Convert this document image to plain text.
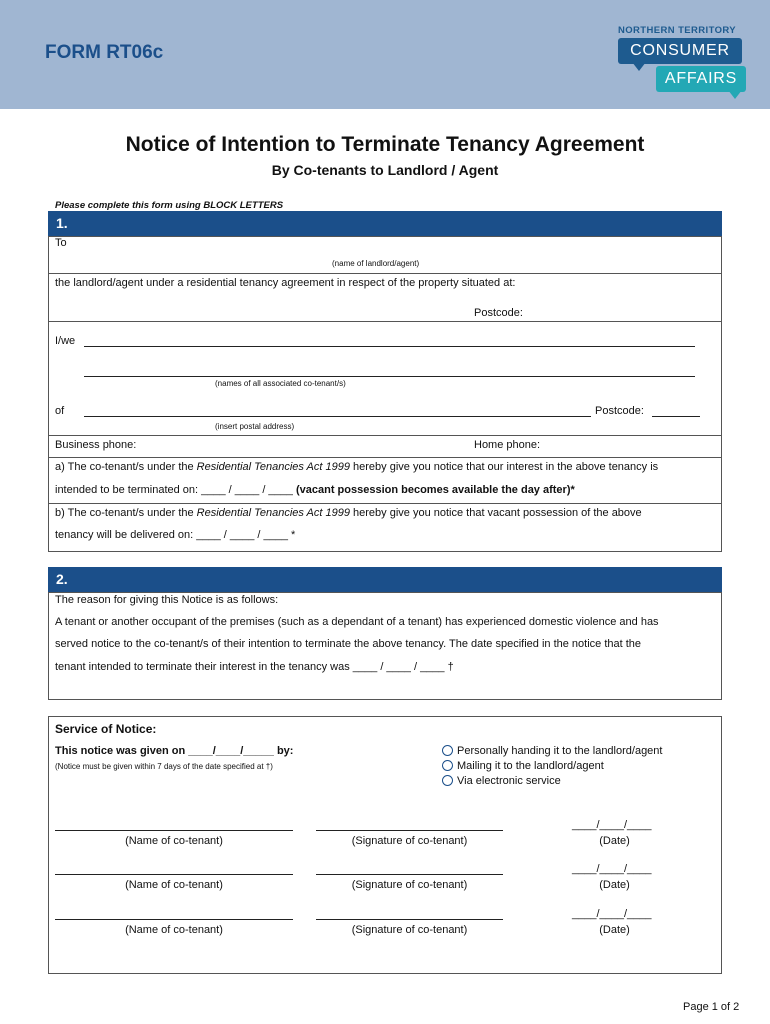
FORM RT06c
NORTHERN TERRITORY
CONSUMER
AFFAIRS
Notice of Intention to Terminate Tenancy Agreement
By Co-tenants to Landlord / Agent
Please complete this form using BLOCK LETTERS
1.
To
(name of landlord/agent)
the landlord/agent under a residential tenancy agreement in respect of the property situated at:
Postcode:
I/we
(names of all associated co-tenant/s)
of	Postcode:
(insert postal address)
Business phone:	Home phone:
a) The co-tenant/s under the Residential Tenancies Act 1999 hereby give you notice that our interest in the above tenancy is
intended to be terminated on: ____ / ____ / ____ (vacant possession becomes available the day after)*
b) The co-tenant/s under the Residential Tenancies Act 1999 hereby give you notice that vacant possession of the above
tenancy will be delivered on: ____ / ____ / ____ *
2.
The reason for giving this Notice is as follows:
A tenant or another occupant of the premises (such as a dependant of a tenant) has experienced domestic violence and has
served notice to the co-tenant/s of their intention to terminate the above tenancy. The date specified in the notice that the
tenant intended to terminate their interest in the tenancy was ____ / ____ / ____ †
Service of Notice:
This notice was given on ____/____/_____ by:
(Notice must be given within 7 days of the date specified at †)
Personally handing it to the landlord/agent
Mailing it to the landlord/agent
Via electronic service
____/____/____
(Name of co-tenant)	(Signature of co-tenant)	(Date)
____/____/____
(Name of co-tenant)	(Signature of co-tenant)	(Date)
____/____/____
(Name of co-tenant)	(Signature of co-tenant)	(Date)
Page 1 of 2
